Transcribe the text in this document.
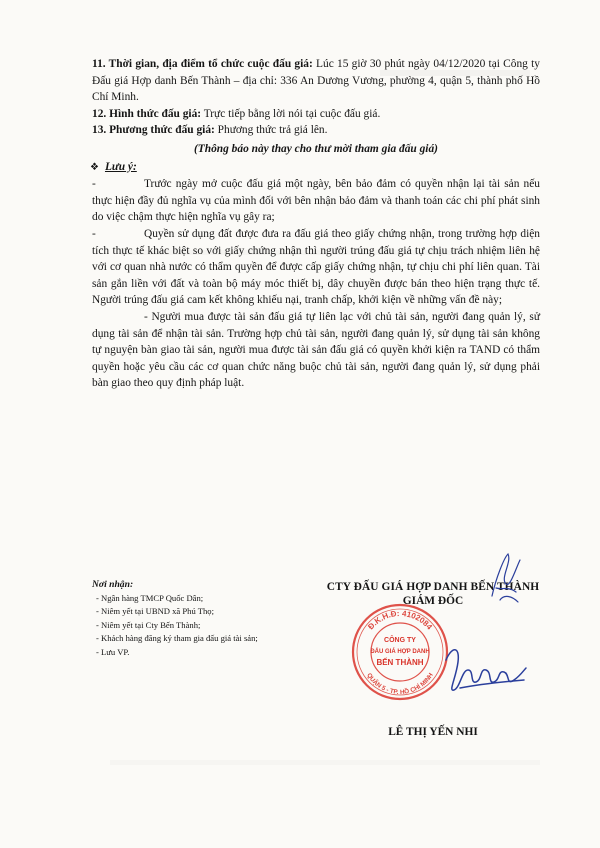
11. Thời gian, địa điểm tổ chức cuộc đấu giá: Lúc 15 giờ 30 phút ngày 04/12/2020 tại Công ty Đấu giá Hợp danh Bến Thành – địa chỉ: 336 An Dương Vương, phường 4, quận 5, thành phố Hồ Chí Minh.

12. Hình thức đấu giá: Trực tiếp bằng lời nói tại cuộc đấu giá.

13. Phương thức đấu giá: Phương thức trả giá lên.

(Thông báo này thay cho thư mời tham gia đấu giá)

❖ Lưu ý:

-	Trước ngày mở cuộc đấu giá một ngày, bên bảo đảm có quyền nhận lại tài sản nếu thực hiện đầy đủ nghĩa vụ của mình đối với bên nhận bảo đảm và thanh toán các chi phí phát sinh do việc chậm thực hiện nghĩa vụ gây ra;

-	Quyền sử dụng đất được đưa ra đấu giá theo giấy chứng nhận, trong trường hợp diện tích thực tế khác biệt so với giấy chứng nhận thì người trúng đấu giá tự chịu trách nhiệm liên hệ với cơ quan nhà nước có thẩm quyền để được cấp giấy chứng nhận, tự chịu chi phí liên quan. Tài sản gắn liền với đất và toàn bộ máy móc thiết bị, dây chuyền được bán theo hiện trạng thực tế. Người trúng đấu giá cam kết không khiếu nại, tranh chấp, khởi kiện về những vấn đề này;

- Người mua được tài sản đấu giá tự liên lạc với chủ tài sản, người đang quản lý, sử dụng tài sản để nhận tài sản. Trường hợp chủ tài sản, người đang quản lý, sử dụng tài sản không tự nguyện bàn giao tài sản, người mua được tài sản đấu giá có quyền khởi kiện ra TAND có thẩm quyền hoặc yêu cầu các cơ quan chức năng buộc chủ tài sản, người đang quản lý, sử dụng phải bàn giao theo quy định pháp luật.

Nơi nhận:
- Ngân hàng TMCP Quốc Dân;
- Niêm yết tại UBND xã Phú Thọ;
- Niêm yết tại Cty Bến Thành;
- Khách hàng đăng ký tham gia đấu giá tài sản;
- Lưu VP.
CTY ĐẤU GIÁ HỢP DANH BẾN THÀNH
GIÁM ĐỐC
Đ.K.H.Đ: 4102084
QUẬN 5 - TP. HỒ CHÍ MINH
CÔNG TY
ĐẤU GIÁ HỢP DANH
BẾN THÀNH
LÊ THỊ YẾN NHI
